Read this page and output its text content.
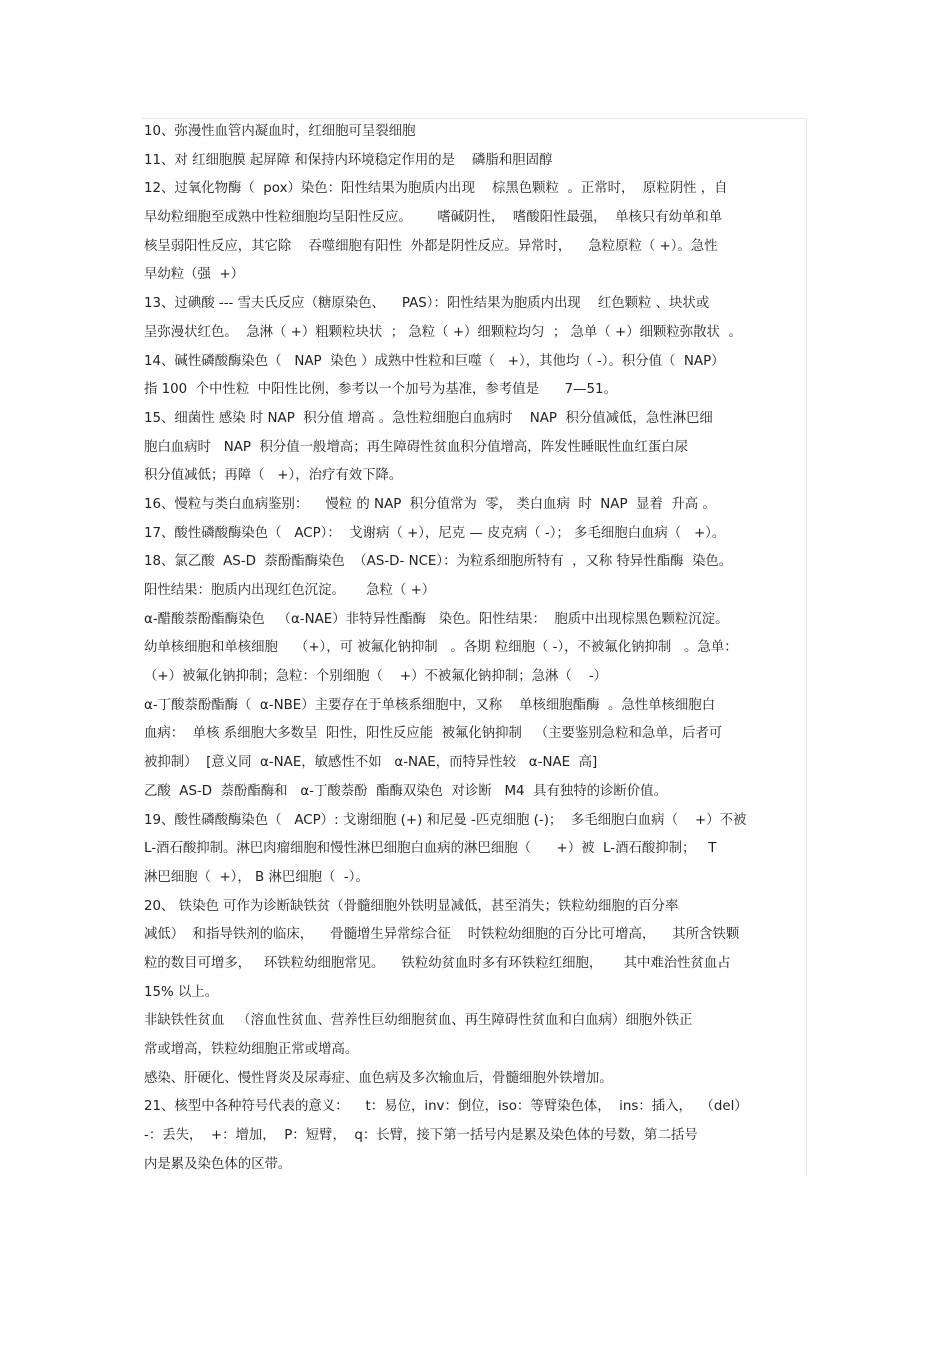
10、弥漫性血管内凝血时，红细胞可呈裂细胞
11、对 红细胞膜 起屏障 和保持内环境稳定作用的是    磷脂和胆固醇
12、过氧化物酶（  pox）染色：阳性结果为胞质内出现    棕黑色颗粒  。正常时，  原粒阴性 ，自
早幼粒细胞至成熟中性粒细胞均呈阳性反应。      嗜碱阴性，  嗜酸阳性最强，  单核只有幼单和单
核呈弱阳性反应，其它除    吞噬细胞有阳性  外都是阴性反应。异常时，    急粒原粒（ +）。急性
早幼粒（强  +）
13、过碘酸 --- 雪夫氏反应（糖原染色、    PAS）：阳性结果为胞质内出现    红色颗粒 、块状或
呈弥漫状红色。  急淋（ +）粗颗粒块状  ； 急粒（ +）细颗粒均匀  ； 急单（ +）细颗粒弥散状  。
14、碱性磷酸酶染色（   NAP  染色 ）成熟中性粒和巨噬（   +），其他均（ -）。积分值（  NAP）
指 100  个中性粒  中阳性比例，参考以一个加号为基准，参考值是      7—51。
15、细菌性 感染 时 NAP  积分值 增高 。急性粒细胞白血病时    NAP  积分值减低，急性淋巴细
胞白血病时   NAP  积分值一般增高；再生障碍性贫血积分值增高，阵发性睡眠性血红蛋白尿
积分值减低；再障（   +），治疗有效下降。
16、慢粒与类白血病鉴别：    慢粒 的 NAP  积分值常为  零， 类白血病  时  NAP  显着  升高 。
17、酸性磷酸酶染色（   ACP）：  戈谢病（ +），尼克 — 皮克病（ -）； 多毛细胞白血病（   +）。
18、氯乙酸  AS-D  萘酚酯酶染色  （AS-D- NCE）：为粒系细胞所特有  ，又称 特异性酯酶  染色。
阳性结果：胞质内出现红色沉淀。     急粒（ +）
α-醋酸萘酚酯酶染色   （α-NAE）非特异性酯酶   染色。阳性结果：  胞质中出现棕黑色颗粒沉淀。
幼单核细胞和单核细胞    （+），可 被氟化钠抑制   。各期 粒细胞（ -），不被氟化钠抑制   。急单：
（+）被氟化钠抑制；急粒：个别细胞（    +）不被氟化钠抑制；急淋（    -）
α-丁酸萘酚酯酶（  α-NBE）主要存在于单核系细胞中，又称    单核细胞酯酶  。急性单核细胞白
血病：  单核 系细胞大多数呈  阳性，阳性反应能  被氟化钠抑制   （主要鉴别急粒和急单，后者可
被抑制）  [意义同  α-NAE，敏感性不如   α-NAE，而特异性较   α-NAE  高]
乙酸  AS-D  萘酚酯酶和   α-丁酸萘酚  酯酶双染色  对诊断   M4  具有独特的诊断价值。
19、酸性磷酸酶染色（   ACP）: 戈谢细胞 (+) 和尼曼 -匹克细胞 (-)；  多毛细胞白血病（    +）不被
L-酒石酸抑制。淋巴肉瘤细胞和慢性淋巴细胞白血病的淋巴细胞（      +）被  L-酒石酸抑制；   T
淋巴细胞（  +）， B 淋巴细胞（  -）。
20、 铁染色 可作为诊断缺铁贫（骨髓细胞外铁明显减低，甚至消失；铁粒幼细胞的百分率
减低）  和指导铁剂的临床，    骨髓增生异常综合征    时铁粒幼细胞的百分比可增高，    其所含铁颗
粒的数目可增多，   环铁粒幼细胞常见。    铁粒幼贫血时多有环铁粒红细胞，     其中难治性贫血占
15% 以上。
非缺铁性贫血   （溶血性贫血、营养性巨幼细胞贫血、再生障碍性贫血和白血病）细胞外铁正
常或增高，铁粒幼细胞正常或增高。
感染、肝硬化、慢性肾炎及尿毒症、血色病及多次输血后，骨髓细胞外铁增加。
21、核型中各种符号代表的意义：    t：易位，inv：倒位，iso：等臂染色体，  ins：插入，  （del）
-：丢失，  +：增加，  P：短臂，  q：长臂，接下第一括号内是累及染色体的号数，第二括号
内是累及染色体的区带。
